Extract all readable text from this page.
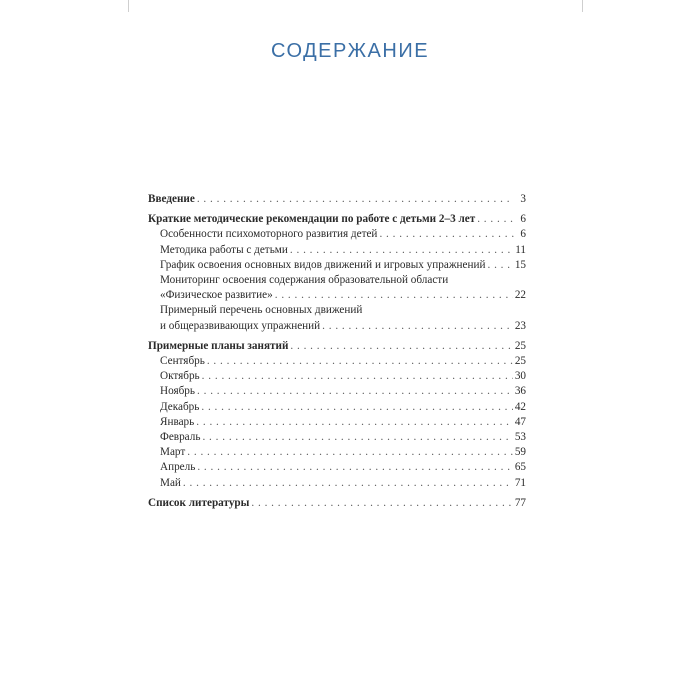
СОДЕРЖАНИЕ
Введение . . .	3
Краткие методические рекомендации по работе с детьми 2–3 лет . . .	6
Особенности психомоторного развития детей . . .	6
Методика работы с детьми . . .	11
График освоения основных видов движений и игровых упражнений . . .	15
Мониторинг освоения содержания образовательной области
«Физическое развитие» . . .	22
Примерный перечень основных движений
и общеразвивающих упражнений . . .	23
Примерные планы занятий . . .	25
Сентябрь . . .	25
Октябрь . . .	30
Ноябрь . . .	36
Декабрь . . .	42
Январь . . .	47
Февраль . . .	53
Март . . .	59
Апрель . . .	65
Май . . .	71
Список литературы . . .	77
